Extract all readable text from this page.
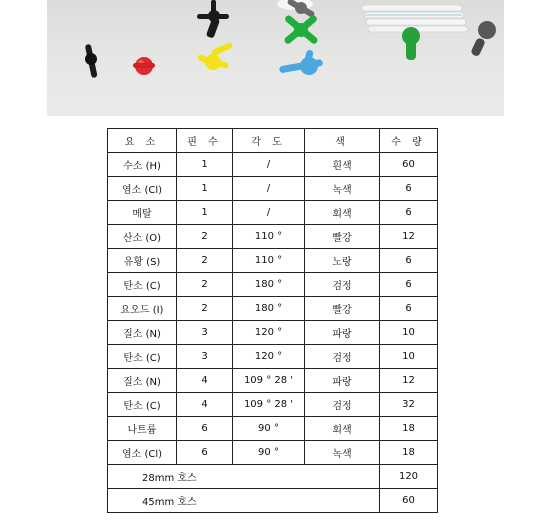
요 소	핀 수	각 도	색	수 량
수소 (H)	1	/	흰색	60
염소 (Cl)	1	/	녹색	6
메탈	1	/	회색	6
산소 (O)	2	110 °	빨강	12
유황 (S)	2	110 °	노랑	6
탄소 (C)	2	180 °	검정	6
요오드 (I)	2	180 °	빨강	6
질소 (N)	3	120 °	파랑	10
탄소 (C)	3	120 °	검정	10
질소 (N)	4	109 ° 28 '	파랑	12
탄소 (C)	4	109 ° 28 '	검정	32
나트륨	6	90 °	회색	18
염소 (Cl)	6	90 °	녹색	18
28mm 호스				120
45mm 호스				60
